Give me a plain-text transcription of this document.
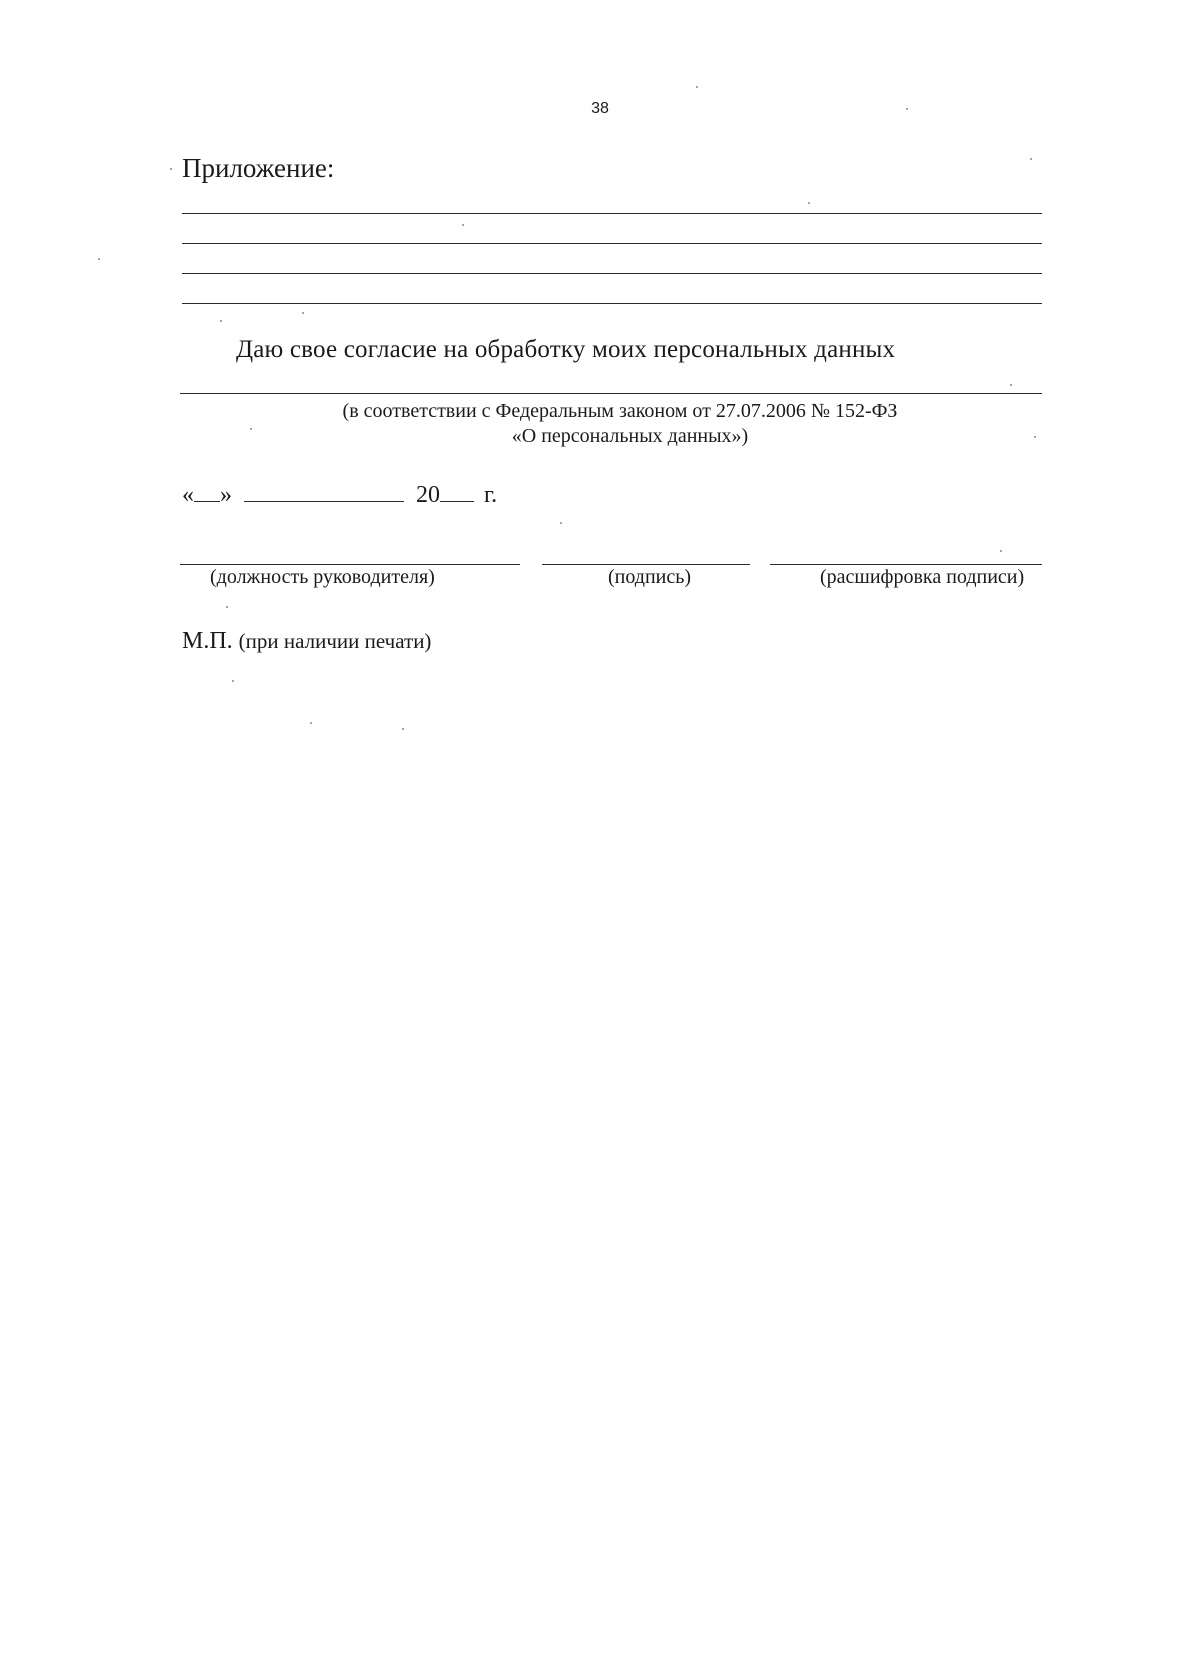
38
Приложение:
Даю свое согласие на обработку моих персональных данных
(в соответствии с Федеральным законом от 27.07.2006 № 152-ФЗ
«О персональных данных»)
« »	20 г.
(должность руководителя)	(подпись)	(расшифровка подписи)
М.П. (при наличии печати)
